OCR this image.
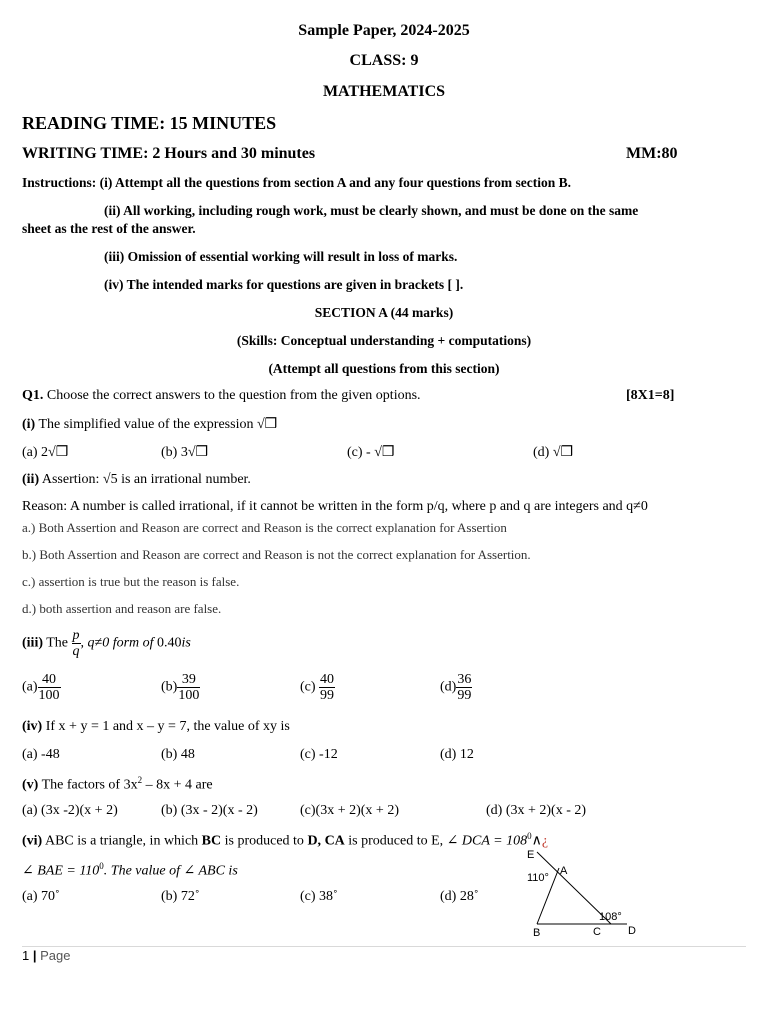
Sample Paper, 2024-2025
CLASS: 9
MATHEMATICS
READING TIME: 15 MINUTES
WRITING TIME: 2 Hours and 30 minutes	MM:80
Instructions: (i) Attempt all the questions from section A and any four questions from section B.
(ii) All working, including rough work, must be clearly shown, and must be done on the same
sheet as the rest of the answer.
(iii) Omission of essential working will result in loss of marks.
(iv) The intended marks for questions are given in brackets [ ].
SECTION A (44 marks)
(Skills: Conceptual understanding + computations)
(Attempt all questions from this section)
Q1. Choose the correct answers to the question from the given options.	[8X1=8]
(i) The simplified value of the expression √❒
(a) 2√❒	(b) 3√❒	(c) - √❒	(d) √❒
(ii) Assertion: √5 is an irrational number.
Reason: A number is called irrational, if it cannot be written in the form p/q, where p and q are integers and q≠0
a.) Both Assertion and Reason are correct and Reason is the correct explanation for Assertion
b.) Both Assertion and Reason are correct and Reason is not the correct explanation for Assertion.
c.) assertion is true but the reason is false.
d.) both assertion and reason are false.
(iii) The $\frac{p}{q}$ , q≠0 form of 0.40is
$(a) \frac{40}{100}$	$(b) \frac{39}{100}$	$(c) \frac{40}{99}$	$(d) \frac{36}{99}$
(iv) If x + y = 1 and x – y = 7, the value of xy is
(a) -48	(b) 48	(c) -12	(d) 12
(v) The factors of $3x^2 - 8x + 4$ are
(a) (3x -2)(x + 2)	(b) (3x - 2)(x - 2)	(c)(3x + 2)(x + 2)	(d) (3x + 2)(x - 2)
(vi) ABC is a triangle, in which BC is produced to D, CA is produced to E, ∠ DCA = $108^0\wedge¿$
∠ BAE = $110^0$. The value of ∠ ABC is
(a) 70˚	(b) 72˚	(c) 38˚	(d) 28˚
E
A
110°
108°
B	C D
1 | Page
